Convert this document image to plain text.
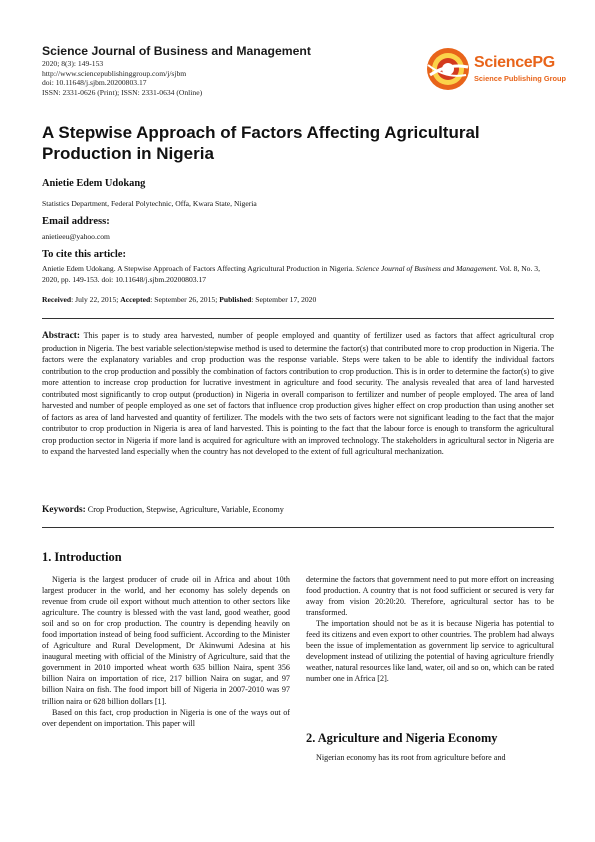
Science Journal of Business and Management
2020; 8(3): 149-153
http://www.sciencepublishinggroup.com/j/sjbm
doi: 10.11648/j.sjbm.20200803.17
ISSN: 2331-0626 (Print); ISSN: 2331-0634 (Online)
SciencePG
Science Publishing Group
A Stepwise Approach of Factors Affecting Agricultural Production in Nigeria
Anietie Edem Udokang
Statistics Department, Federal Polytechnic, Offa, Kwara State, Nigeria
Email address:
anietieeu@yahoo.com
To cite this article:
Anietie Edem Udokang. A Stepwise Approach of Factors Affecting Agricultural Production in Nigeria. Science Journal of Business and Management. Vol. 8, No. 3, 2020, pp. 149-153. doi: 10.11648/j.sjbm.20200803.17
Received: July 22, 2015; Accepted: September 26, 2015; Published: September 17, 2020
Abstract: This paper is to study area harvested, number of people employed and quantity of fertilizer used as factors that affect agricultural crop production in Nigeria. The best variable selection/stepwise method is used to determine the factor(s) that contributed more to crop production in Nigeria. The factors were the explanatory variables and crop production was the response variable. Steps were taken to be able to identify the individual factors contribution to the crop production and possibly the combination of factors contribution to crop production. This is in order to determine the factor(s) to give more attention to increase crop production for lucrative investment in agriculture and food security. The analysis revealed that area of land harvested contributed most significantly to crop output (production) in Nigeria in overall comparison to fertilizer and number of people employed. The area of land harvested and number of people employed as one set of factors that influence crop production gives higher effect on crop production than using another set of factors as area of land harvested and quantity of fertilizer. The models with the two sets of factors were not significant leading to the fact that the major contributor to crop production in Nigeria is area of land harvested. This is pointing to the fact that the labour force is enough to transform the agricultural crop production sector in Nigeria if more land is acquired for agriculture with an improved technology. The stakeholders in agricultural sector in Nigeria are to expand the harvested land especially when the country has not developed to the extent of full agricultural mechanization.
Keywords: Crop Production, Stepwise, Agriculture, Variable, Economy
1. Introduction

Nigeria is the largest producer of crude oil in Africa and about 10th largest producer in the world, and her economy has solely depends on revenue from crude oil export without much attention to other sectors like agriculture. The country is blessed with the vast land, good weather, good soil and so on for crop production. The country is depending heavily on food importation instead of being food sufficient. According to the Minister of Agriculture and Rural Development, Dr Akinwumi Adesina at his inaugural meeting with official of the Ministry of Agriculture, said that the government in 2010 imported wheat worth 635 billion Naira, spent 356 billion Naira on importation of rice, 217 billion Naira on sugar, and 97 billion Naira on fish. The food import bill of Nigeria in 2007-2010 was 97 trillion naira or 628 billion dollars [1].

Based on this fact, crop production in Nigeria is one of the ways out of over dependent on importation. This paper will

determine the factors that government need to put more effort on increasing food production. A country that is not food sufficient or secured is very far away from vision 20:20:20. Therefore, agricultural sector has to be transformed.

The importation should not be as it is because Nigeria has potential to feed its citizens and even export to other countries. The problem had always been the issue of implementation as government lip service to agricultural development instead of utilizing the potential of having agriculture friendly weather, natural resources like land, water, oil and so on, which can be rated number one in Africa [2].

2. Agriculture and Nigeria Economy

Nigerian economy has its root from agriculture before and
